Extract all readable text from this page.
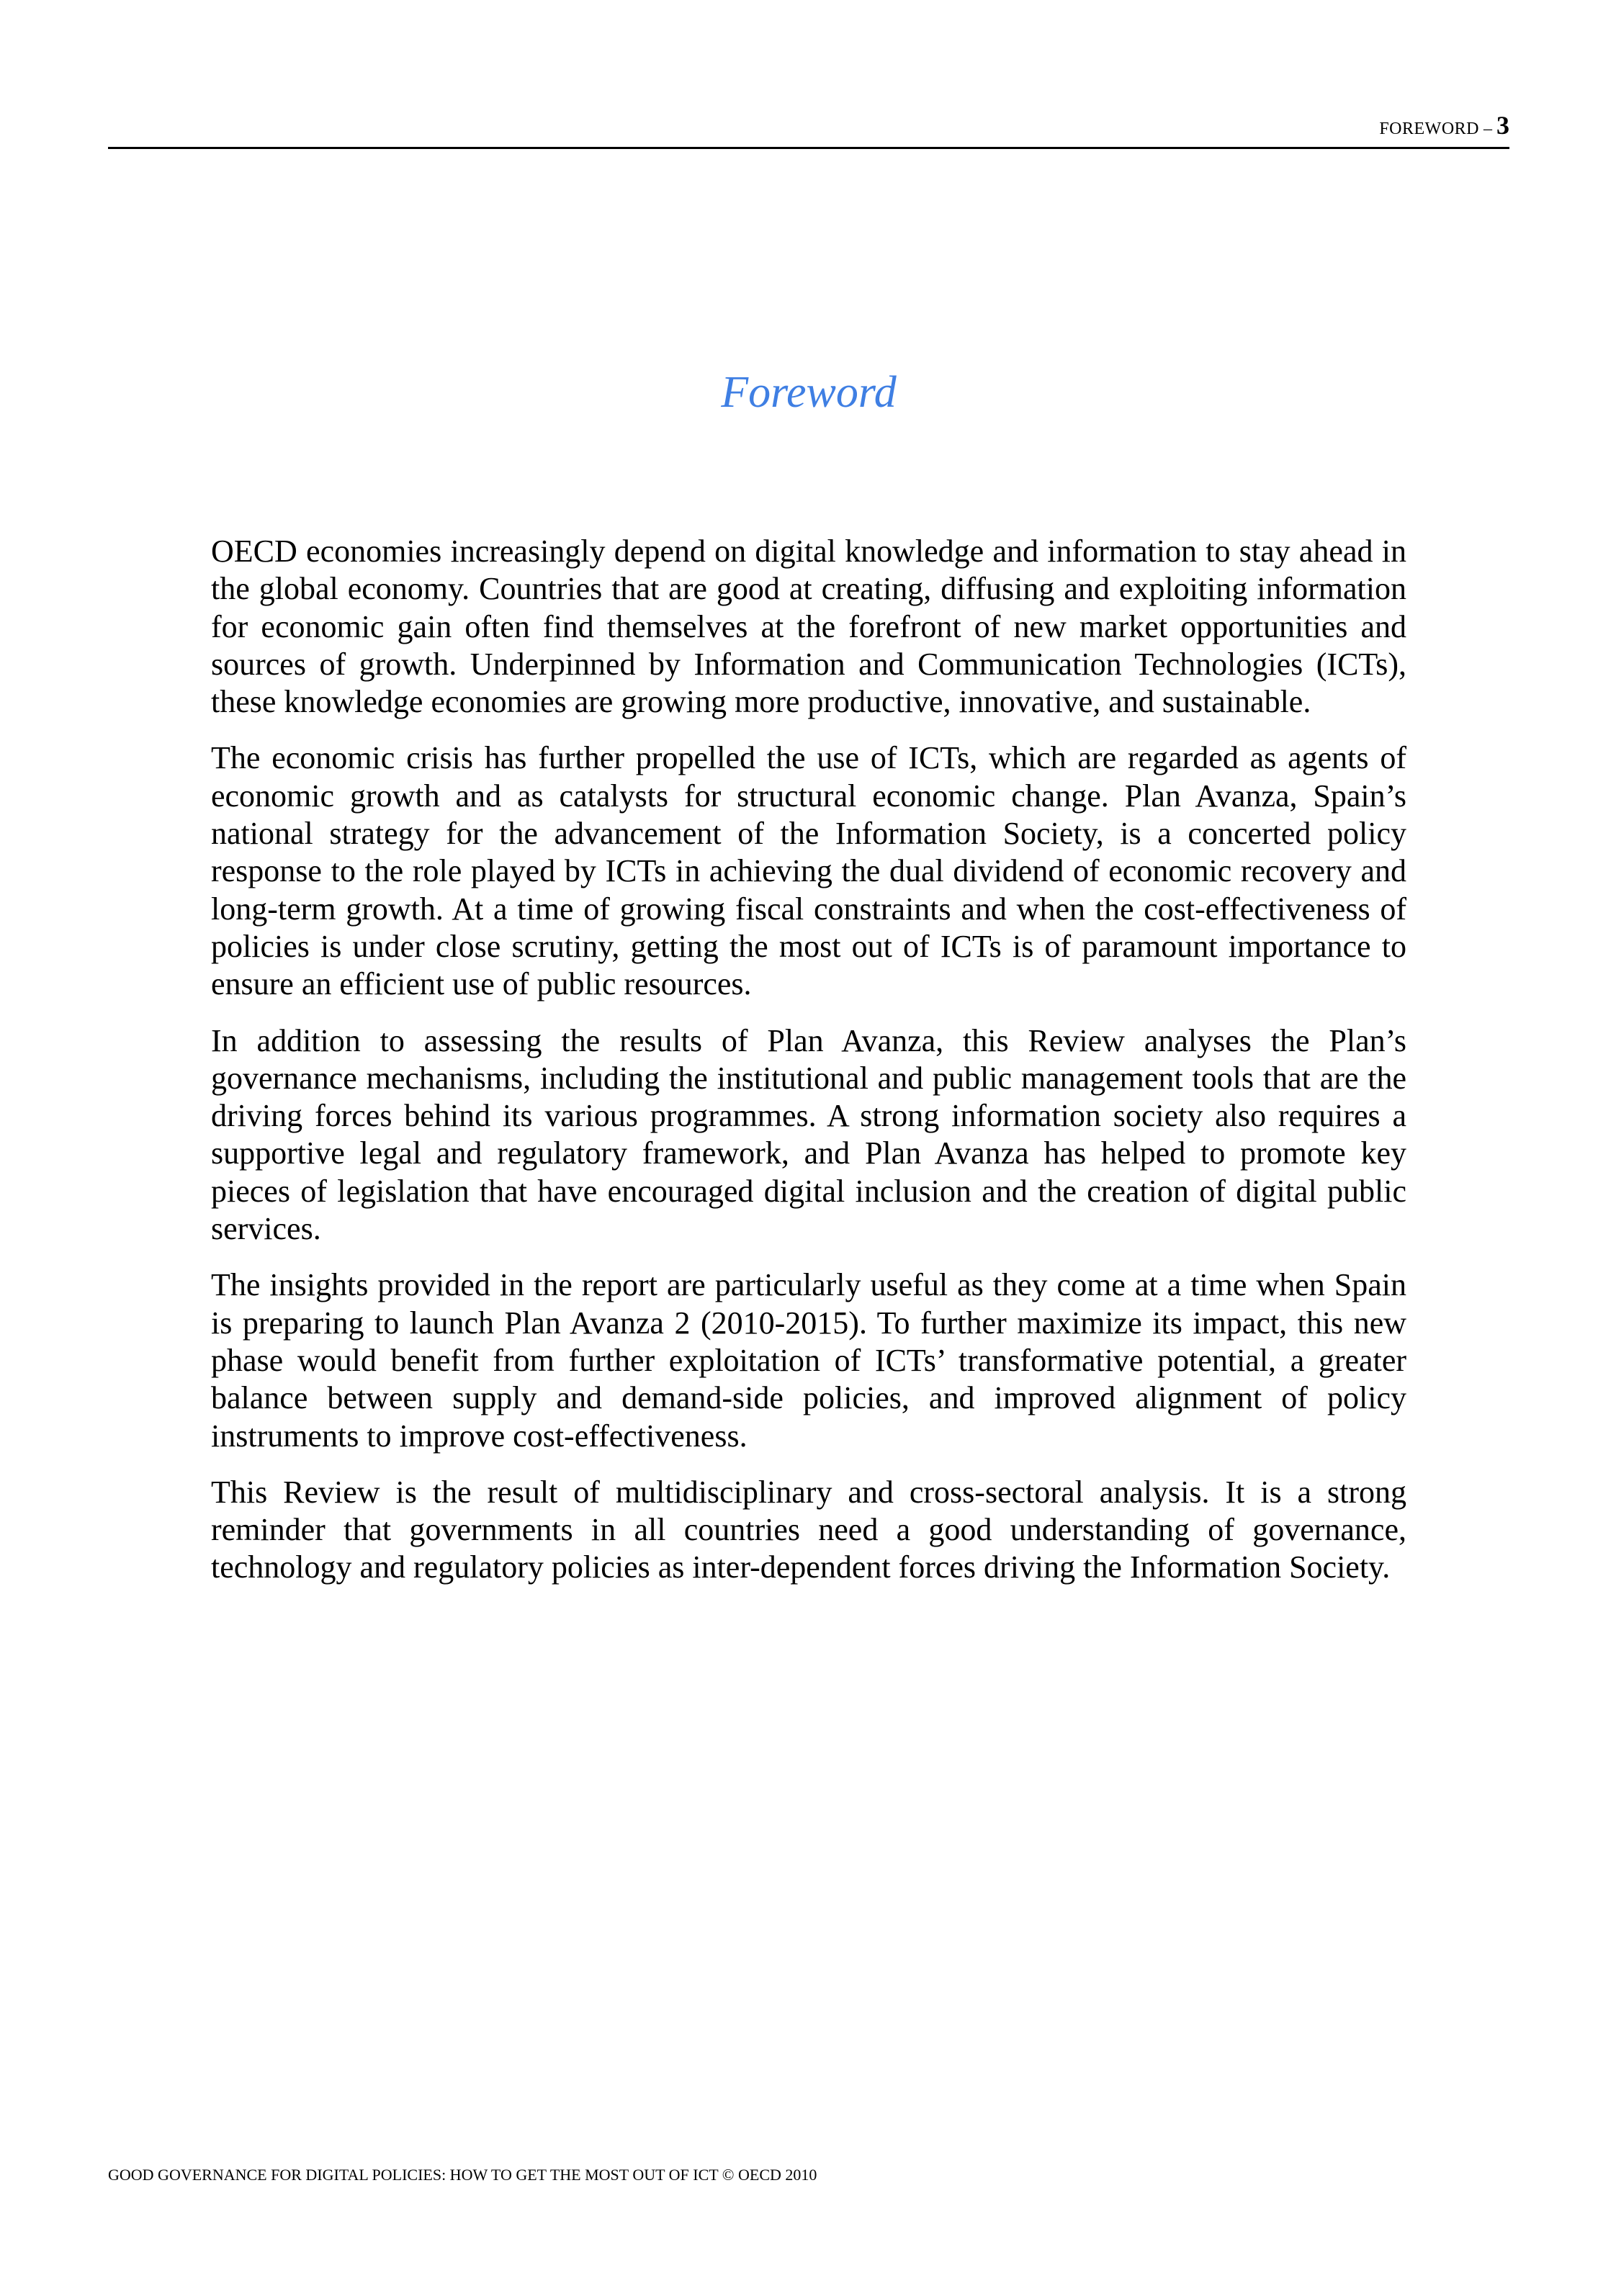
FOREWORD – 3
Foreword

OECD economies increasingly depend on digital knowledge and information to stay ahead in the global economy. Countries that are good at creating, diffusing and exploiting information for economic gain often find themselves at the forefront of new market opportunities and sources of growth. Underpinned by Information and Communication Technologies (ICTs), these knowledge economies are growing more productive, innovative, and sustainable.

The economic crisis has further propelled the use of ICTs, which are regarded as agents of economic growth and as catalysts for structural economic change. Plan Avanza, Spain’s national strategy for the advancement of the Information Society, is a concerted policy response to the role played by ICTs in achieving the dual dividend of economic recovery and long-term growth. At a time of growing fiscal constraints and when the cost-effectiveness of policies is under close scrutiny, getting the most out of ICTs is of paramount importance to ensure an efficient use of public resources.

In addition to assessing the results of Plan Avanza, this Review analyses the Plan’s governance mechanisms, including the institutional and public management tools that are the driving forces behind its various programmes. A strong information society also requires a supportive legal and regulatory framework, and Plan Avanza has helped to promote key pieces of legislation that have encouraged digital inclusion and the creation of digital public services.

The insights provided in the report are particularly useful as they come at a time when Spain is preparing to launch Plan Avanza 2 (2010-2015). To further maximize its impact, this new phase would benefit from further exploitation of ICTs’ transformative potential, a greater balance between supply and demand-side policies, and improved alignment of policy instruments to improve cost-effectiveness.

This Review is the result of multidisciplinary and cross-sectoral analysis. It is a strong reminder that governments in all countries need a good understanding of governance, technology and regulatory policies as inter-dependent forces driving the Information Society.

GOOD GOVERNANCE FOR DIGITAL POLICIES: HOW TO GET THE MOST OUT OF ICT © OECD 2010
